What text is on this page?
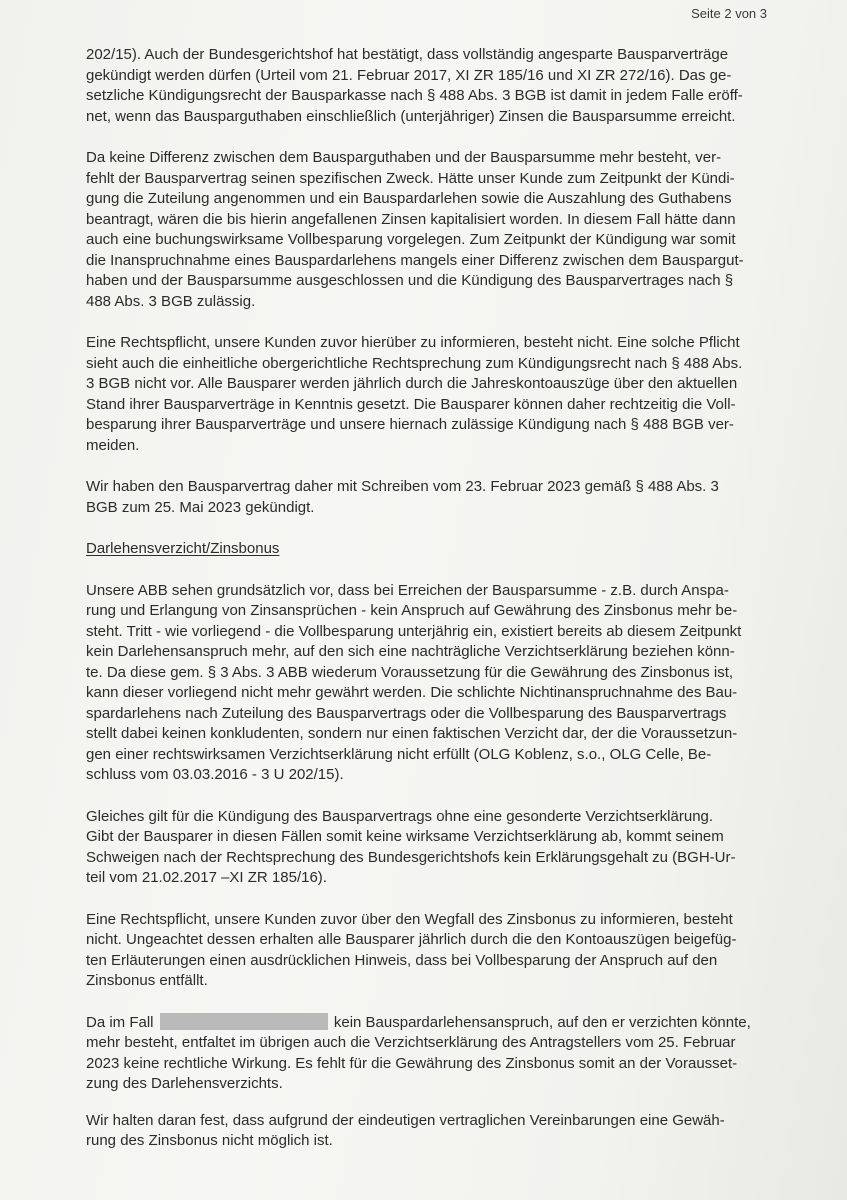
Seite 2 von 3

202/15). Auch der Bundesgerichtshof hat bestätigt, dass vollständig angesparte Bausparverträge
gekündigt werden dürfen (Urteil vom 21. Februar 2017, XI ZR 185/16 und XI ZR 272/16). Das ge-
setzliche Kündigungsrecht der Bausparkasse nach § 488 Abs. 3 BGB ist damit in jedem Falle eröff-
net, wenn das Bausparguthaben einschließlich (unterjähriger) Zinsen die Bausparsumme erreicht.

Da keine Differenz zwischen dem Bausparguthaben und der Bausparsumme mehr besteht, ver-
fehlt der Bausparvertrag seinen spezifischen Zweck. Hätte unser Kunde zum Zeitpunkt der Kündi-
gung die Zuteilung angenommen und ein Bauspardarlehen sowie die Auszahlung des Guthabens
beantragt, wären die bis hierin angefallenen Zinsen kapitalisiert worden. In diesem Fall hätte dann
auch eine buchungswirksame Vollbesparung vorgelegen. Zum Zeitpunkt der Kündigung war somit
die Inanspruchnahme eines Bauspardarlehens mangels einer Differenz zwischen dem Bauspargut-
haben und der Bausparsumme ausgeschlossen und die Kündigung des Bausparvertrages nach §
488 Abs. 3 BGB zulässig.

Eine Rechtspflicht, unsere Kunden zuvor hierüber zu informieren, besteht nicht. Eine solche Pflicht
sieht auch die einheitliche obergerichtliche Rechtsprechung zum Kündigungsrecht nach § 488 Abs.
3 BGB nicht vor. Alle Bausparer werden jährlich durch die Jahreskontoauszüge über den aktuellen
Stand ihrer Bausparverträge in Kenntnis gesetzt. Die Bausparer können daher rechtzeitig die Voll-
besparung ihrer Bausparverträge und unsere hiernach zulässige Kündigung nach § 488 BGB ver-
meiden.

Wir haben den Bausparvertrag daher mit Schreiben vom 23. Februar 2023 gemäß § 488 Abs. 3
BGB zum 25. Mai 2023 gekündigt.

Darlehensverzicht/Zinsbonus

Unsere ABB sehen grundsätzlich vor, dass bei Erreichen der Bausparsumme - z.B. durch Anspa-
rung und Erlangung von Zinsansprüchen - kein Anspruch auf Gewährung des Zinsbonus mehr be-
steht. Tritt - wie vorliegend - die Vollbesparung unterjährig ein, existiert bereits ab diesem Zeitpunkt
kein Darlehensanspruch mehr, auf den sich eine nachträgliche Verzichtserklärung beziehen könn-
te. Da diese gem. § 3 Abs. 3 ABB wiederum Voraussetzung für die Gewährung des Zinsbonus ist,
kann dieser vorliegend nicht mehr gewährt werden. Die schlichte Nichtinanspruchnahme des Bau-
spardarlehens nach Zuteilung des Bausparvertrags oder die Vollbesparung des Bausparvertrags
stellt dabei keinen konkludenten, sondern nur einen faktischen Verzicht dar, der die Voraussetzun-
gen einer rechtswirksamen Verzichtserklärung nicht erfüllt (OLG Koblenz, s.o., OLG Celle, Be-
schluss vom 03.03.2016 - 3 U 202/15).

Gleiches gilt für die Kündigung des Bausparvertrags ohne eine gesonderte Verzichtserklärung.
Gibt der Bausparer in diesen Fällen somit keine wirksame Verzichtserklärung ab, kommt seinem
Schweigen nach der Rechtsprechung des Bundesgerichtshofs kein Erklärungsgehalt zu (BGH-Ur-
teil vom 21.02.2017 –XI ZR 185/16).

Eine Rechtspflicht, unsere Kunden zuvor über den Wegfall des Zinsbonus zu informieren, besteht
nicht. Ungeachtet dessen erhalten alle Bausparer jährlich durch die den Kontoauszügen beigefüg-
ten Erläuterungen einen ausdrücklichen Hinweis, dass bei Vollbesparung der Anspruch auf den
Zinsbonus entfällt.

Da im Fall	kein Bauspardarlehensanspruch, auf den er verzichten könnte,
mehr besteht, entfaltet im übrigen auch die Verzichtserklärung des Antragstellers vom 25. Februar
2023 keine rechtliche Wirkung. Es fehlt für die Gewährung des Zinsbonus somit an der Vorausset-
zung des Darlehensverzichts.

Wir halten daran fest, dass aufgrund der eindeutigen vertraglichen Vereinbarungen eine Gewäh-
rung des Zinsbonus nicht möglich ist.
